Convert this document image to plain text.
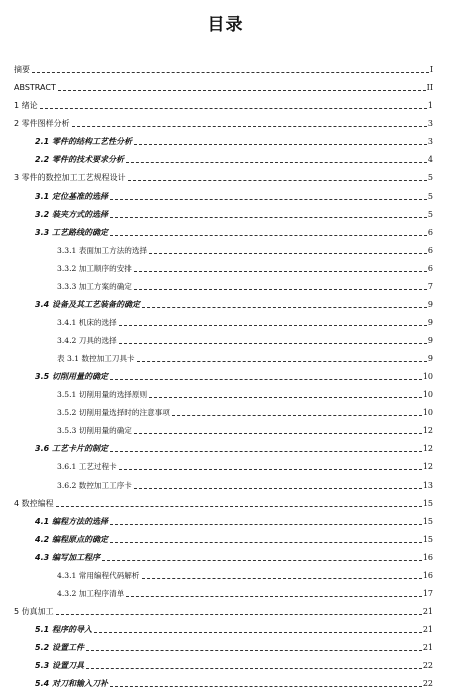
目录
摘要	I
ABSTRACT	II
1 绪论	1
2 零件图样分析	3
2.1 零件的结构工艺性分析	3
2.2 零件的技术要求分析	4
3 零件的数控加工工艺规程设计	5
3.1 定位基准的选择	5
3.2 装夹方式的选择	5
3.3 工艺路线的确定	6
3.3.1 表面加工方法的选择	6
3.3.2 加工顺序的安排	6
3.3.3 加工方案的确定	7
3.4 设备及其工艺装备的确定	9
3.4.1 机床的选择	9
3.4.2 刀具的选择	9
表 3.1 数控加工刀具卡	9
3.5 切削用量的确定	10
3.5.1 切削用量的选择原则	10
3.5.2 切削用量选择时的注意事项	10
3.5.3 切削用量的确定	12
3.6 工艺卡片的制定	12
3.6.1 工艺过程卡	12
3.6.2 数控加工工序卡	13
4 数控编程	15
4.1 编程方法的选择	15
4.2 编程原点的确定	15
4.3 编写加工程序	16
4.3.1 常用编程代码解析	16
4.3.2 加工程序清单	17
5 仿真加工	21
5.1 程序的导入	21
5.2 设置工件	21
5.3 设置刀具	22
5.4 对刀和输入刀补	22
